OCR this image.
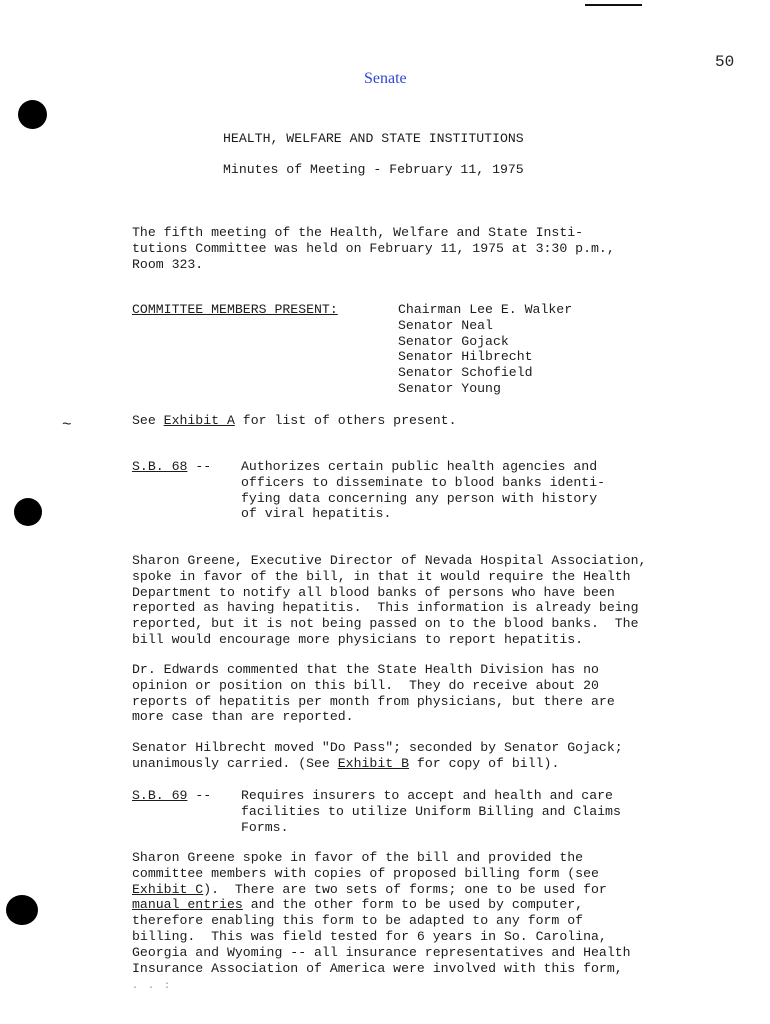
~
Senate
50
HEALTH, WELFARE AND STATE INSTITUTIONS
Minutes of Meeting - February 11, 1975

The fifth meeting of the Health, Welfare and State Insti-

tutions Committee was held on February 11, 1975 at 3:30 p.m.,

Room 323.

COMMITTEE MEMBERS PRESENT:	Chairman Lee E. Walker
Senator Neal
Senator Gojack
Senator Hilbrecht
Senator Schofield
Senator Young

See Exhibit A for list of others present.

S.B. 68 -- Authorizes certain public health agencies and

officers to disseminate to blood banks identi-

fying data concerning any person with history

of viral hepatitis.

Sharon Greene, Executive Director of Nevada Hospital Association,

spoke in favor of the bill, in that it would require the Health

Department to notify all blood banks of persons who have been

reported as having hepatitis.  This information is already being

reported, but it is not being passed on to the blood banks.  The

bill would encourage more physicians to report hepatitis.

Dr. Edwards commented that the State Health Division has no

opinion or position on this bill.  They do receive about 20

reports of hepatitis per month from physicians, but there are

more case than are reported.

Senator Hilbrecht moved "Do Pass"; seconded by Senator Gojack;

unanimously carried. (See Exhibit B for copy of bill).

S.B. 69 -- Requires insurers to accept and health and care

facilities to utilize Uniform Billing and Claims

Forms.

Sharon Greene spoke in favor of the bill and provided the

committee members with copies of proposed billing form (see

Exhibit C).  There are two sets of forms; one to be used for

manual entries and the other form to be used by computer,

therefore enabling this form to be adapted to any form of

billing.  This was field tested for 6 years in So. Carolina,

Georgia and Wyoming -- all insurance representatives and Health

Insurance Association of America were involved with this form,

. . :
